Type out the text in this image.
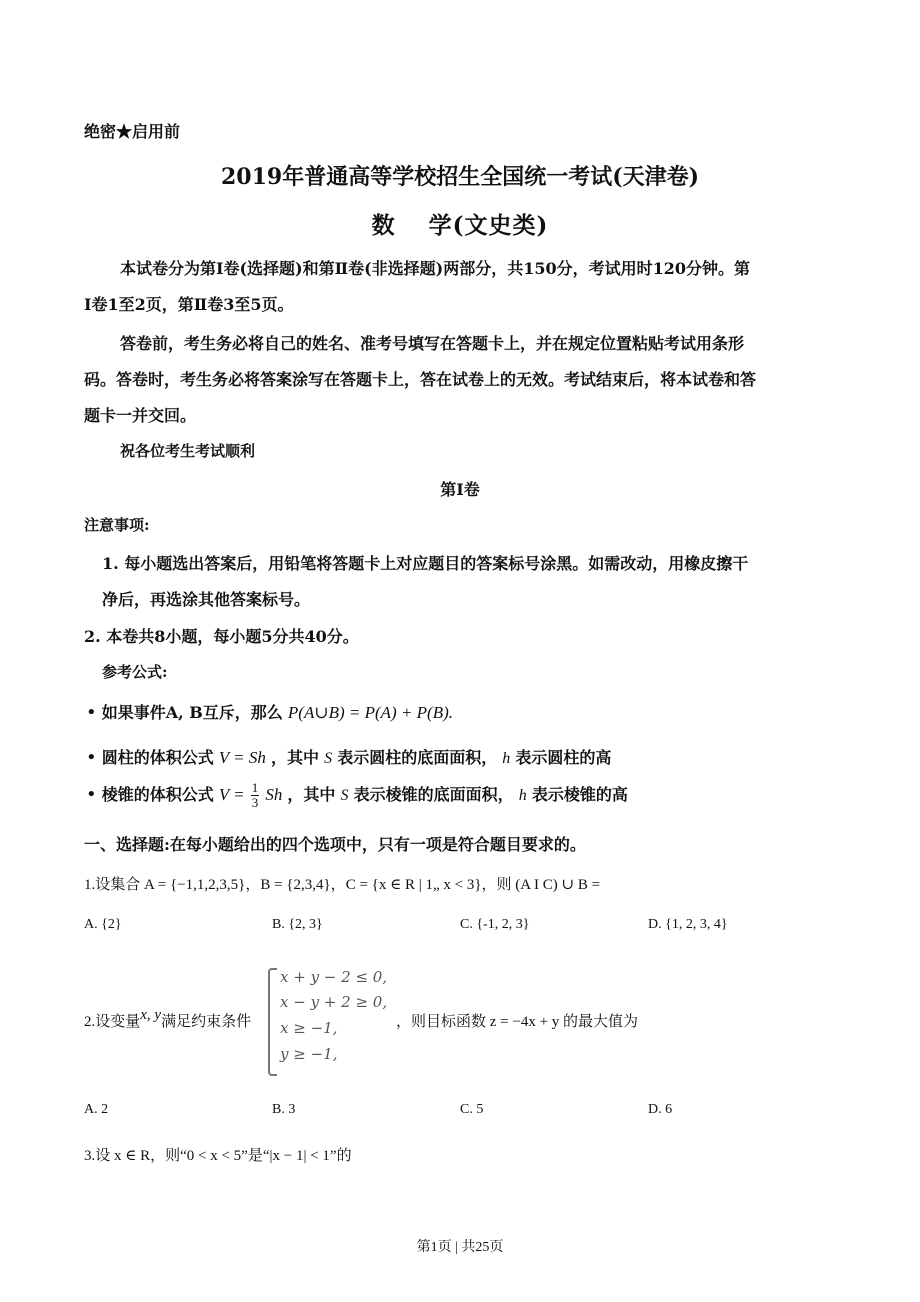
绝密★启用前
2019年普通高等学校招生全国统一考试(天津卷)
数　 学(文史类)
本试卷分为第Ⅰ卷(选择题)和第Ⅱ卷(非选择题)两部分，共150分，考试用时120分钟。第
Ⅰ卷1至2页，第Ⅱ卷3至5页。
答卷前，考生务必将自己的姓名、准考号填写在答题卡上，并在规定位置粘贴考试用条形
码。答卷时，考生务必将答案涂写在答题卡上，答在试卷上的无效。考试结束后，将本试卷和答
题卡一并交回。
祝各位考生考试顺利
第Ⅰ卷
注意事项:
1. 每小题选出答案后，用铅笔将答题卡上对应题目的答案标号涂黑。如需改动，用橡皮擦干
净后，再选涂其他答案标号。
2. 本卷共8小题，每小题5分共40分。
参考公式:
• 如果事件A, B互斥，那么 P(A∪B) = P(A) + P(B).
• 圆柱的体积公式 V = Sh ，其中 S 表示圆柱的底面面积， h 表示圆柱的高
• 棱锥的体积公式 $V = \frac{1}{3}$ Sh ，其中 S 表示棱锥的底面面积， h 表示棱锥的高
一、选择题:在每小题给出的四个选项中，只有一项是符合题目要求的。
1.设集合 A = {−1,1,2,3,5}，B = {2,3,4}，C = {x ∈ R | 1„ x < 3}，则 (A I C) ∪ B =
A. {2}	B. {2, 3}	C. {-1, 2, 3}	D. {1, 2, 3, 4}
2.设变量x, y满足约束条件
x + y − 2 ≤ 0,
x − y + 2 ≥ 0,
x ≥ −1,
y ≥ −1,
，则目标函数 z = −4x + y 的最大值为
A. 2	B. 3	C. 5	D. 6
3.设 x ∈ R，则“0 < x < 5”是“|x − 1| < 1”的
第1页 | 共25页
